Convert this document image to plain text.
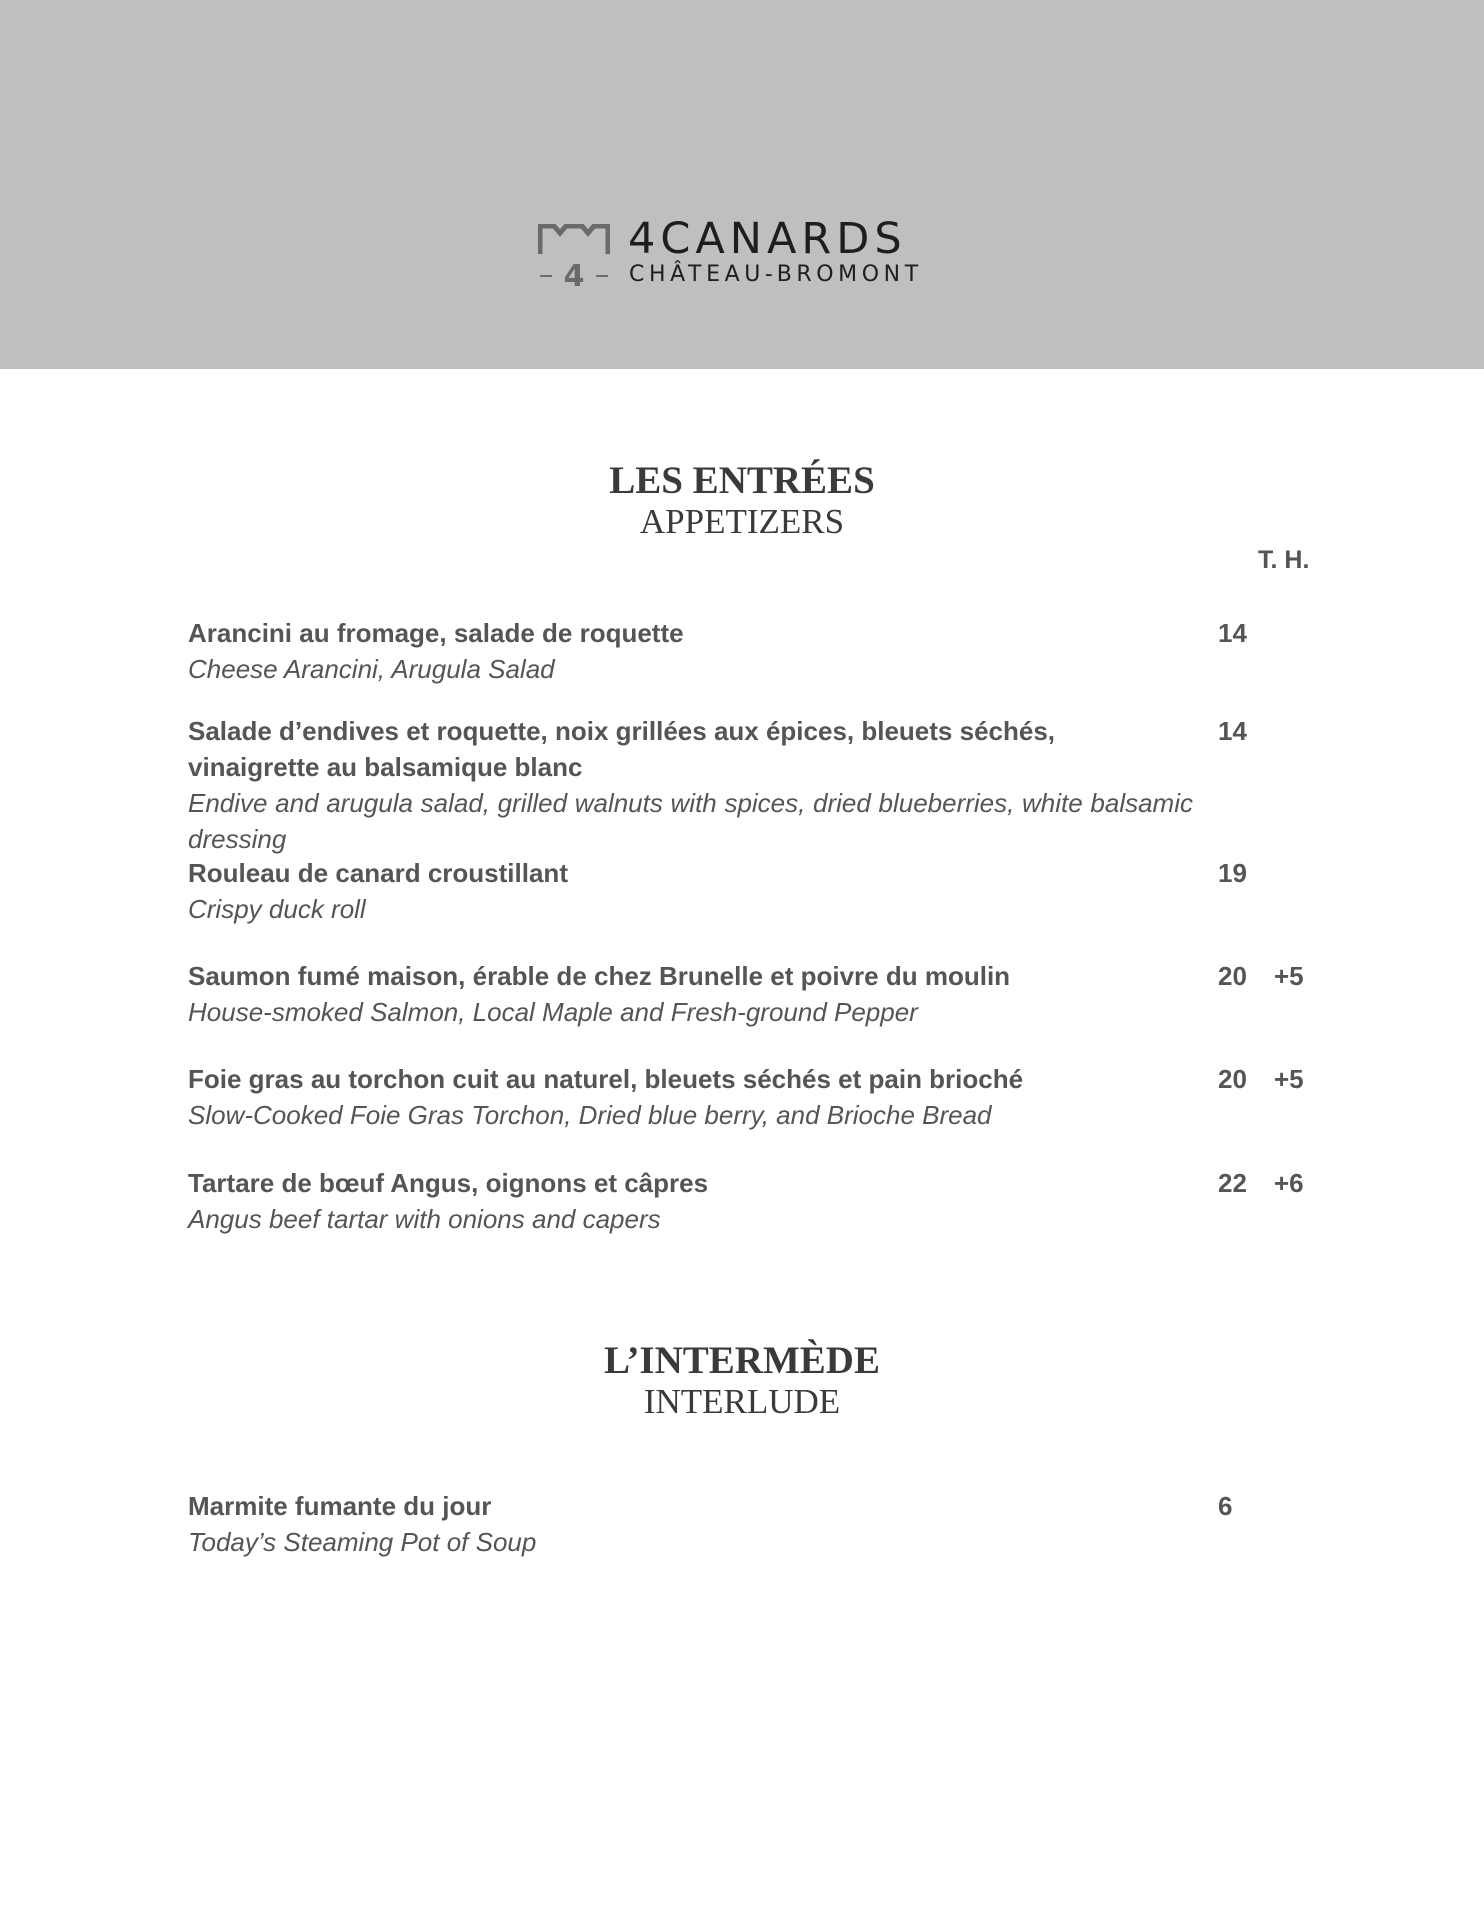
4
4CANARDS
CHÂTEAU-BROMONT
LES ENTRÉES
APPETIZERS
T. H.
Arancini au fromage, salade de roquette
Cheese Arancini, Arugula Salad
14
Salade d’endives et roquette, noix grillées aux épices, bleuets séchés, vinaigrette au balsamique blanc
Endive and arugula salad, grilled walnuts with spices, dried blueberries, white balsamic dressing
14
Rouleau de canard croustillant
Crispy duck roll
19
Saumon fumé maison, érable de chez Brunelle et poivre du moulin
House-smoked Salmon, Local Maple and Fresh-ground Pepper
20 +5
Foie gras au torchon cuit au naturel, bleuets séchés et pain brioché
Slow-Cooked Foie Gras Torchon, Dried blue berry, and Brioche Bread
20 +5
Tartare de bœuf Angus, oignons et câpres
Angus beef tartar with onions and capers
22 +6
L’INTERMÈDE
INTERLUDE
Marmite fumante du jour
Today’s Steaming Pot of Soup
6
